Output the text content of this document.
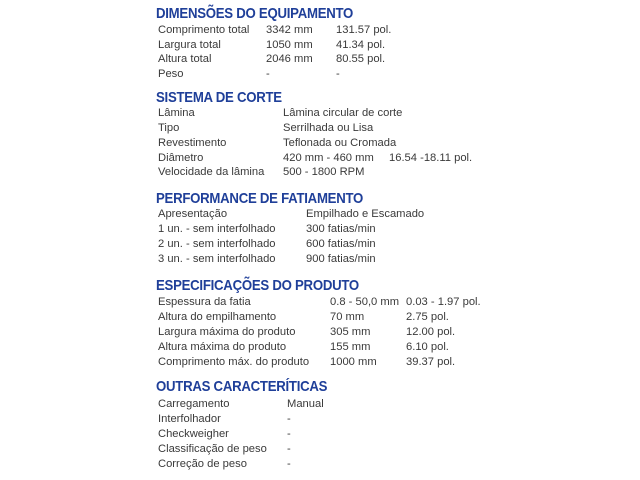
DIMENSÕES DO EQUIPAMENTO
Comprimento total 3342 mm 131.57 pol.
Largura total	1050 mm 41.34 pol.
Altura total	2046 mm 80.55 pol.
Peso	-	-
SISTEMA DE CORTE
Lâmina	Lâmina circular de corte
Tipo	Serrilhada ou Lisa
Revestimento	Teflonada ou Cromada
Diâmetro	420 mm - 460 mm 16.54 -18.11 pol.
Velocidade da lâmina 500 - 1800 RPM
PERFORMANCE DE FATIAMENTO
Apresentação	Empilhado e Escamado
1 un. - sem interfolhado	300 fatias/min
2 un. - sem interfolhado	600 fatias/min
3 un. - sem interfolhado	900 fatias/min
ESPECIFICAÇÕES DO PRODUTO
Espessura da fatia	0.8 - 50,0 mm 0.03 - 1.97 pol.
Altura do empilhamento	70 mm	2.75 pol.
Largura máxima do produto	305 mm	12.00 pol.
Altura máxima do produto	155 mm	6.10 pol.
Comprimento máx. do produto 1000 mm	39.37 pol.
OUTRAS CARACTERÍTICAS
Carregamento	Manual
Interfolhador	-
Checkweigher	-
Classificação de peso -
Correção de peso	-
